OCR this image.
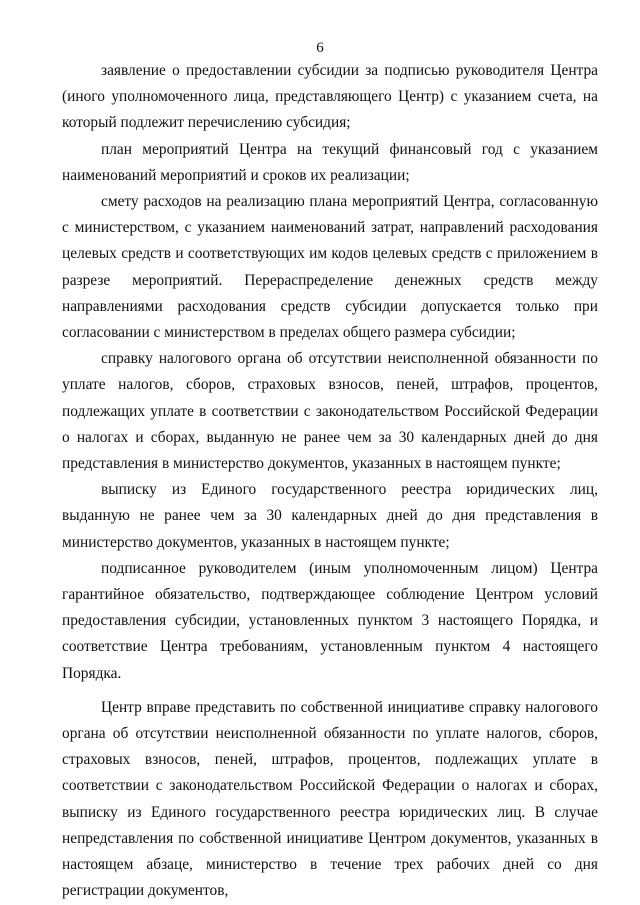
6

заявление о предоставлении субсидии за подписью руководителя Центра (иного уполномоченного лица, представляющего Центр) с указанием счета, на который подлежит перечислению субсидия;

план мероприятий Центра на текущий финансовый год с указанием наименований мероприятий и сроков их реализации;

смету расходов на реализацию плана мероприятий Центра, согласованную с министерством, с указанием наименований затрат, направлений расходования целевых средств и соответствующих им кодов целевых средств с приложением в разрезе мероприятий. Перераспределение денежных средств между направлениями расходования средств субсидии допускается только при согласовании с министерством в пределах общего размера субсидии;

справку налогового органа об отсутствии неисполненной обязанности по уплате налогов, сборов, страховых взносов, пеней, штрафов, процентов, подлежащих уплате в соответствии с законодательством Российской Федерации о налогах и сборах, выданную не ранее чем за 30 календарных дней до дня представления в министерство документов, указанных в настоящем пункте;

выписку из Единого государственного реестра юридических лиц, выданную не ранее чем за 30 календарных дней до дня представления в министерство документов, указанных в настоящем пункте;

подписанное руководителем (иным уполномоченным лицом) Центра гарантийное обязательство, подтверждающее соблюдение Центром условий предоставления субсидии, установленных пунктом 3 настоящего Порядка, и соответствие Центра требованиям, установленным пунктом 4 настоящего Порядка.

Центр вправе представить по собственной инициативе справку налогового органа об отсутствии неисполненной обязанности по уплате налогов, сборов, страховых взносов, пеней, штрафов, процентов, подлежащих уплате в соответствии с законодательством Российской Федерации о налогах и сборах, выписку из Единого государственного реестра юридических лиц. В случае непредставления по собственной инициативе Центром документов, указанных в настоящем абзаце, министерство в течение трех рабочих дней со дня регистрации документов,
